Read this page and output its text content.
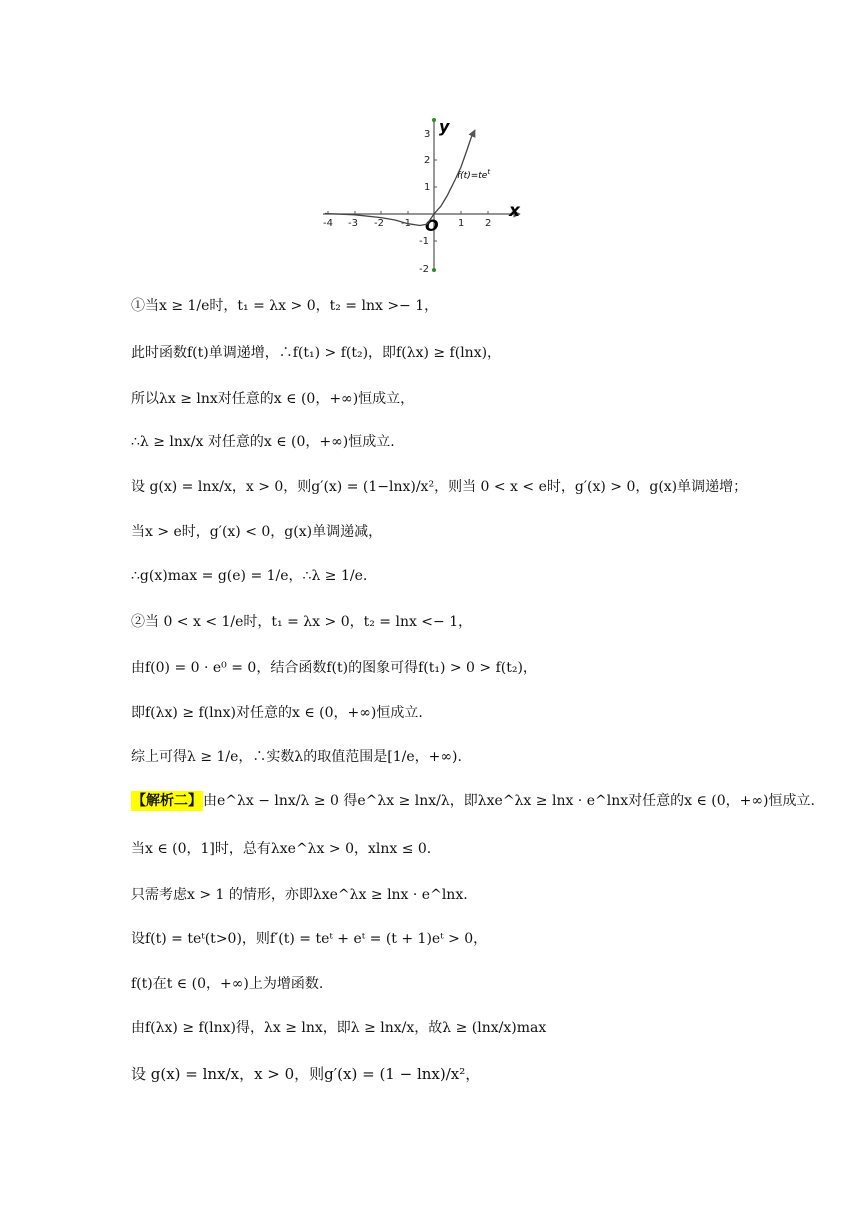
-4 -3 -2 -1	1 2
3
2
1
-1
-2
y
x
O
$f(t)=te^t$
①当x ≥ 1/e时，t₁ = λx > 0，t₂ = lnx >− 1，
此时函数f(t)单调递增，∴f(t₁) > f(t₂)，即f(λx) ≥ f(lnx)，
所以λx ≥ lnx对任意的x ∈ (0，+∞)恒成立，
∴λ ≥ lnx/x 对任意的x ∈ (0，+∞)恒成立.
设 g(x) = lnx/x，x > 0，则g′(x) = (1−lnx)/x²，则当 0 < x < e时，g′(x) > 0，g(x)单调递增；
当x > e时，g′(x) < 0，g(x)单调递减，
∴g(x)max = g(e) = 1/e，∴λ ≥ 1/e.
②当 0 < x < 1/e时，t₁ = λx > 0，t₂ = lnx <− 1，
由f(0) = 0 · e⁰ = 0，结合函数f(t)的图象可得f(t₁) > 0 > f(t₂)，
即f(λx) ≥ f(lnx)对任意的x ∈ (0，+∞)恒成立.
综上可得λ ≥ 1/e，∴实数λ的取值范围是[1/e，+∞).
【解析二】由e^λx − lnx/λ ≥ 0 得e^λx ≥ lnx/λ，即λxe^λx ≥ lnx · e^lnx对任意的x ∈ (0，+∞)恒成立.
当x ∈ (0，1]时，总有λxe^λx > 0，xlnx ≤ 0.
只需考虑x > 1 的情形，亦即λxe^λx ≥ lnx · e^lnx.
设f(t) = teᵗ(t>0)，则f′(t) = teᵗ + eᵗ = (t + 1)eᵗ > 0，
f(t)在t ∈ (0，+∞)上为增函数.
由f(λx) ≥ f(lnx)得，λx ≥ lnx，即λ ≥ lnx/x，故λ ≥ (lnx/x)max
设 g(x) = lnx/x，x > 0，则g′(x) = (1 − lnx)/x²，
